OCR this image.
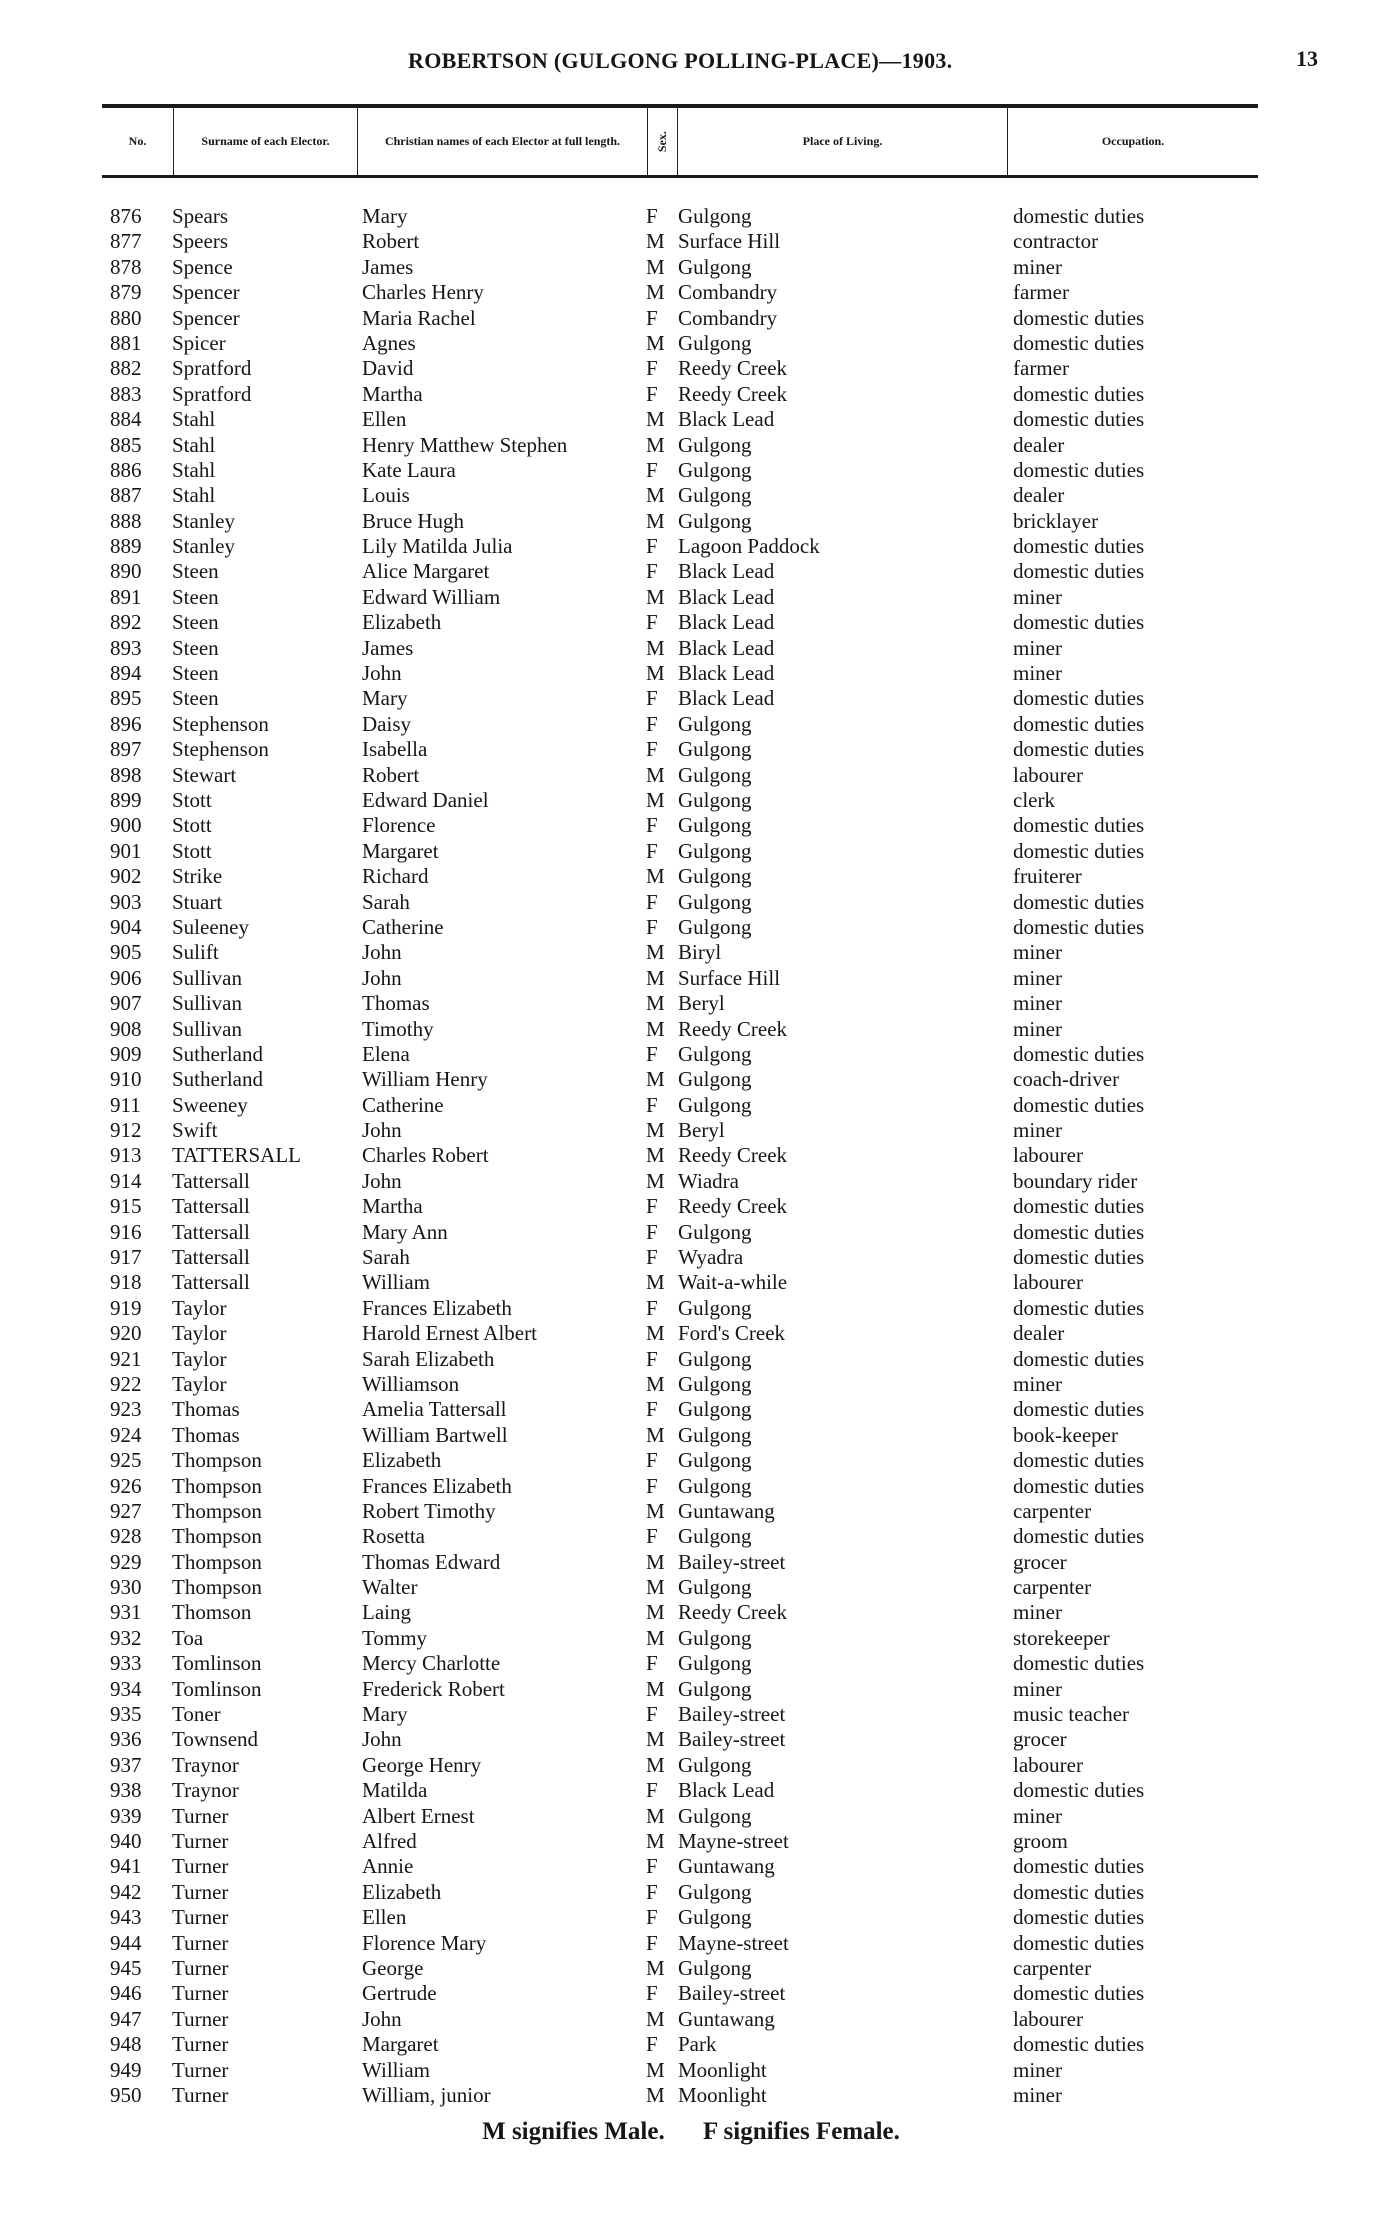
ROBERTSON (GULGONG POLLING-PLACE)—1903.	13
No.	Surname of each Elector.	Christian names of each Elector at full length.	Sex.	Place of Living.	Occupation.
876 Spears	Mary	F Gulgong	domestic duties
877 Speers	Robert	M Surface Hill	contractor
878 Spence	James	M Gulgong	miner
879 Spencer	Charles Henry	M Combandry	farmer
880 Spencer	Maria Rachel	F Combandry	domestic duties
881 Spicer	Agnes	M Gulgong	domestic duties
882 Spratford	David	F Reedy Creek	farmer
883 Spratford	Martha	F Reedy Creek	domestic duties
884 Stahl	Ellen	M Black Lead	domestic duties
885 Stahl	Henry Matthew Stephen	M Gulgong	dealer
886 Stahl	Kate Laura	F Gulgong	domestic duties
887 Stahl	Louis	M Gulgong	dealer
888 Stanley	Bruce Hugh	M Gulgong	bricklayer
889 Stanley	Lily Matilda Julia	F Lagoon Paddock	domestic duties
890 Steen	Alice Margaret	F Black Lead	domestic duties
891 Steen	Edward William	M Black Lead	miner
892 Steen	Elizabeth	F Black Lead	domestic duties
893 Steen	James	M Black Lead	miner
894 Steen	John	M Black Lead	miner
895 Steen	Mary	F Black Lead	domestic duties
896 Stephenson	Daisy	F Gulgong	domestic duties
897 Stephenson	Isabella	F Gulgong	domestic duties
898 Stewart	Robert	M Gulgong	labourer
899 Stott	Edward Daniel	M Gulgong	clerk
900 Stott	Florence	F Gulgong	domestic duties
901 Stott	Margaret	F Gulgong	domestic duties
902 Strike	Richard	M Gulgong	fruiterer
903 Stuart	Sarah	F Gulgong	domestic duties
904 Suleeney	Catherine	F Gulgong	domestic duties
905 Sulift	John	M Biryl	miner
906 Sullivan	John	M Surface Hill	miner
907 Sullivan	Thomas	M Beryl	miner
908 Sullivan	Timothy	M Reedy Creek	miner
909 Sutherland	Elena	F Gulgong	domestic duties
910 Sutherland	William Henry	M Gulgong	coach-driver
911 Sweeney	Catherine	F Gulgong	domestic duties
912 Swift	John	M Beryl	miner
913 TATTERSALL	Charles Robert	M Reedy Creek	labourer
914 Tattersall	John	M Wiadra	boundary rider
915 Tattersall	Martha	F Reedy Creek	domestic duties
916 Tattersall	Mary Ann	F Gulgong	domestic duties
917 Tattersall	Sarah	F Wyadra	domestic duties
918 Tattersall	William	M Wait-a-while	labourer
919 Taylor	Frances Elizabeth	F Gulgong	domestic duties
920 Taylor	Harold Ernest Albert	M Ford's Creek	dealer
921 Taylor	Sarah Elizabeth	F Gulgong	domestic duties
922 Taylor	Williamson	M Gulgong	miner
923 Thomas	Amelia Tattersall	F Gulgong	domestic duties
924 Thomas	William Bartwell	M Gulgong	book-keeper
925 Thompson	Elizabeth	F Gulgong	domestic duties
926 Thompson	Frances Elizabeth	F Gulgong	domestic duties
927 Thompson	Robert Timothy	M Guntawang	carpenter
928 Thompson	Rosetta	F Gulgong	domestic duties
929 Thompson	Thomas Edward	M Bailey-street	grocer
930 Thompson	Walter	M Gulgong	carpenter
931 Thomson	Laing	M Reedy Creek	miner
932 Toa	Tommy	M Gulgong	storekeeper
933 Tomlinson	Mercy Charlotte	F Gulgong	domestic duties
934 Tomlinson	Frederick Robert	M Gulgong	miner
935 Toner	Mary	F Bailey-street	music teacher
936 Townsend	John	M Bailey-street	grocer
937 Traynor	George Henry	M Gulgong	labourer
938 Traynor	Matilda	F Black Lead	domestic duties
939 Turner	Albert Ernest	M Gulgong	miner
940 Turner	Alfred	M Mayne-street	groom
941 Turner	Annie	F Guntawang	domestic duties
942 Turner	Elizabeth	F Gulgong	domestic duties
943 Turner	Ellen	F Gulgong	domestic duties
944 Turner	Florence Mary	F Mayne-street	domestic duties
945 Turner	George	M Gulgong	carpenter
946 Turner	Gertrude	F Bailey-street	domestic duties
947 Turner	John	M Guntawang	labourer
948 Turner	Margaret	F Park	domestic duties
949 Turner	William	M Moonlight	miner
950 Turner	William, junior	M Moonlight	miner
M signifies Male. F signifies Female.
